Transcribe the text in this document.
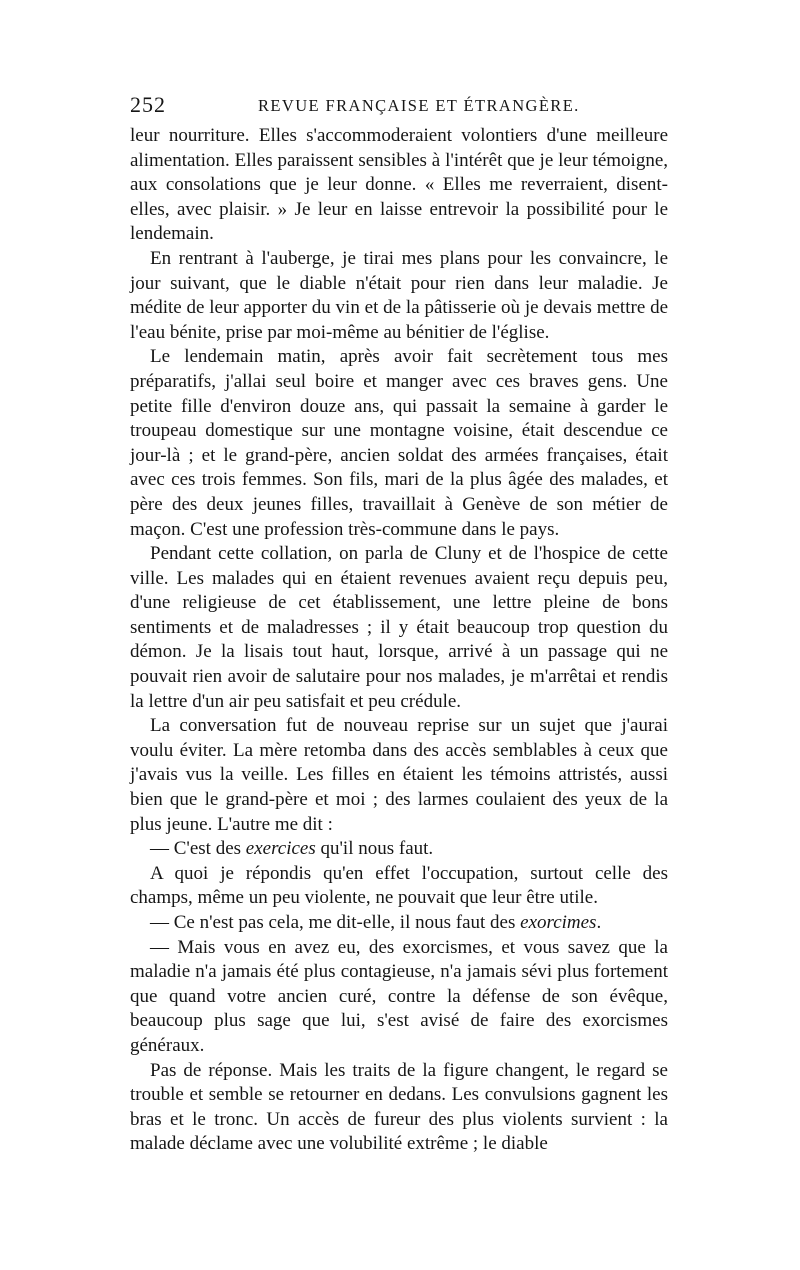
252	REVUE FRANÇAISE ET ÉTRANGÈRE.

leur nourriture. Elles s'accommoderaient volontiers d'une meilleure alimentation. Elles paraissent sensibles à l'intérêt que je leur témoigne, aux consolations que je leur donne. « Elles me reverraient, disent-elles, avec plaisir. » Je leur en laisse entrevoir la possibilité pour le lendemain.

En rentrant à l'auberge, je tirai mes plans pour les convaincre, le jour suivant, que le diable n'était pour rien dans leur maladie. Je médite de leur apporter du vin et de la pâtisserie où je devais mettre de l'eau bénite, prise par moi-même au bénitier de l'église.

Le lendemain matin, après avoir fait secrètement tous mes préparatifs, j'allai seul boire et manger avec ces braves gens. Une petite fille d'environ douze ans, qui passait la semaine à garder le troupeau domestique sur une montagne voisine, était descendue ce jour-là ; et le grand-père, ancien soldat des armées françaises, était avec ces trois femmes. Son fils, mari de la plus âgée des malades, et père des deux jeunes filles, travaillait à Genève de son métier de maçon. C'est une profession très-commune dans le pays.

Pendant cette collation, on parla de Cluny et de l'hospice de cette ville. Les malades qui en étaient revenues avaient reçu depuis peu, d'une religieuse de cet établissement, une lettre pleine de bons sentiments et de maladresses ; il y était beaucoup trop question du démon. Je la lisais tout haut, lorsque, arrivé à un passage qui ne pouvait rien avoir de salutaire pour nos malades, je m'arrêtai et rendis la lettre d'un air peu satisfait et peu crédule.

La conversation fut de nouveau reprise sur un sujet que j'aurai voulu éviter. La mère retomba dans des accès semblables à ceux que j'avais vus la veille. Les filles en étaient les témoins attristés, aussi bien que le grand-père et moi ; des larmes coulaient des yeux de la plus jeune. L'autre me dit :

— C'est des exercices qu'il nous faut.

A quoi je répondis qu'en effet l'occupation, surtout celle des champs, même un peu violente, ne pouvait que leur être utile.

— Ce n'est pas cela, me dit-elle, il nous faut des exorcimes.

— Mais vous en avez eu, des exorcismes, et vous savez que la maladie n'a jamais été plus contagieuse, n'a jamais sévi plus fortement que quand votre ancien curé, contre la défense de son évêque, beaucoup plus sage que lui, s'est avisé de faire des exorcismes généraux.

Pas de réponse. Mais les traits de la figure changent, le regard se trouble et semble se retourner en dedans. Les convulsions gagnent les bras et le tronc. Un accès de fureur des plus violents survient : la malade déclame avec une volubilité extrême ; le diable
